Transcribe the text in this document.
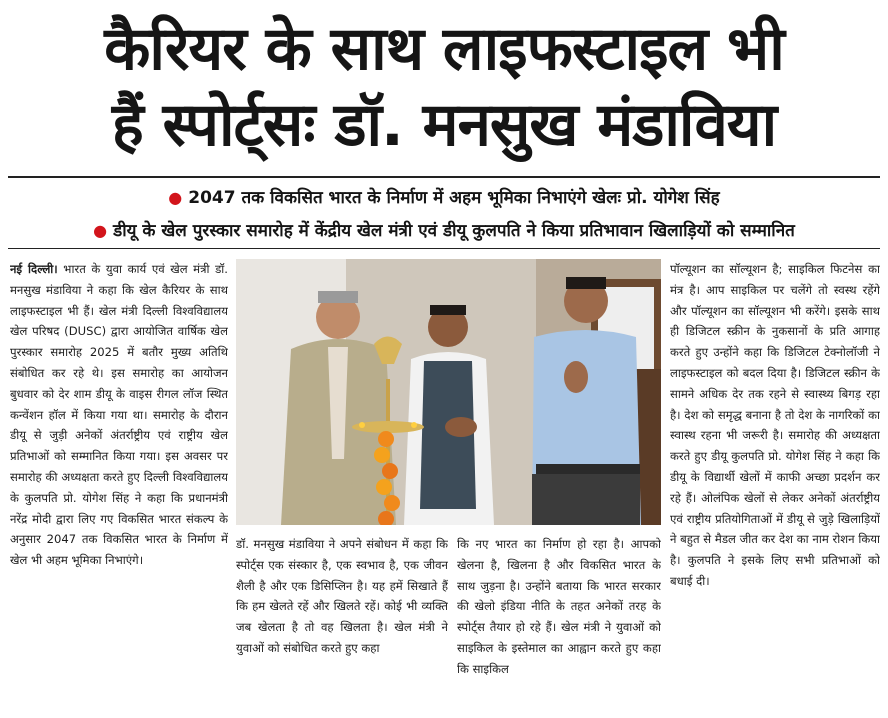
कैरियर के साथ लाइफस्टाइल भी
हैं स्पोर्ट्सः डॉ. मनसुख मंडाविया
● 2047 तक विकसित भारत के निर्माण में अहम भूमिका निभाएंगे खेलः प्रो. योगेश सिंह
● डीयू के खेल पुरस्कार समारोह में केंद्रीय खेल मंत्री एवं डीयू कुलपति ने किया प्रतिभावान खिलाड़ियों को सम्मानित
नई दिल्ली। भारत के युवा कार्य एवं खेल मंत्री डॉ. मनसुख मंडाविया ने कहा कि खेल कैरियर के साथ लाइफस्टाइल भी हैं। खेल मंत्री दिल्ली विश्वविद्यालय खेल परिषद (DUSC) द्वारा आयोजित वार्षिक खेल पुरस्कार समारोह 2025 में बतौर मुख्य अतिथि संबोधित कर रहे थे। इस समारोह का आयोजन बुधवार को देर शाम डीयू के वाइस रीगल लॉज स्थित कन्वेंशन हॉल में किया गया था। समारोह के दौरान डीयू से जुड़ी अनेकों अंतर्राष्ट्रीय एवं राष्ट्रीय खेल प्रतिभाओं को सम्मानित किया गया। इस अवसर पर समारोह की अध्यक्षता करते हुए दिल्ली विश्वविद्यालय के कुलपति प्रो. योगेश सिंह ने कहा कि प्रधानमंत्री नरेंद्र मोदी द्वारा लिए गए विकसित भारत संकल्प के अनुसार 2047 तक विकसित भारत के निर्माण में खेल भी अहम भूमिका निभाएंगे।
डॉ. मनसुख मंडाविया ने अपने संबोधन में कहा कि स्पोर्ट्स एक संस्कार है, एक स्वभाव है, एक जीवन शैली है और एक डिसिप्लिन है। यह हमें सिखाते हैं कि हम खेलते रहें और खिलते रहें। कोई भी व्यक्ति जब खेलता है तो वह खिलता है। खेल मंत्री ने युवाओं को संबोधित करते हुए कहा
कि नए भारत का निर्माण हो रहा है। आपको खेलना है, खिलना है और विकसित भारत के साथ जुड़ना है। उन्होंने बताया कि भारत सरकार की खेलो इंडिया नीति के तहत अनेकों तरह के स्पोर्ट्स तैयार हो रहे हैं। खेल मंत्री ने युवाओं को साइकिल के इस्तेमाल का आह्वान करते हुए कहा कि साइकिल
पॉल्यूशन का सॉल्यूशन है; साइकिल फिटनेस का मंत्र है। आप साइकिल पर चलेंगे तो स्वस्थ रहेंगे और पॉल्यूशन का सॉल्यूशन भी करेंगे। इसके साथ ही डिजिटल स्क्रीन के नुकसानों के प्रति आगाह करते हुए उन्होंने कहा कि डिजिटल टेक्नोलॉजी ने लाइफस्टाइल को बदल दिया है। डिजिटल स्क्रीन के सामने अधिक देर तक रहने से स्वास्थ्य बिगड़ रहा है। देश को समृद्ध बनाना है तो देश के नागरिकों का स्वास्थ रहना भी जरूरी है। समारोह की अध्यक्षता करते हुए डीयू कुलपति प्रो. योगेश सिंह ने कहा कि डीयू के विद्यार्थी खेलों में काफी अच्छा प्रदर्शन कर रहे हैं। ओलंपिक खेलों से लेकर अनेकों अंतर्राष्ट्रीय एवं राष्ट्रीय प्रतियोगिताओं में डीयू से जुड़े खिलाड़ियों ने बहुत से मैडल जीत कर देश का नाम रोशन किया है। कुलपति ने इसके लिए सभी प्रतिभाओं को बधाई दी।
